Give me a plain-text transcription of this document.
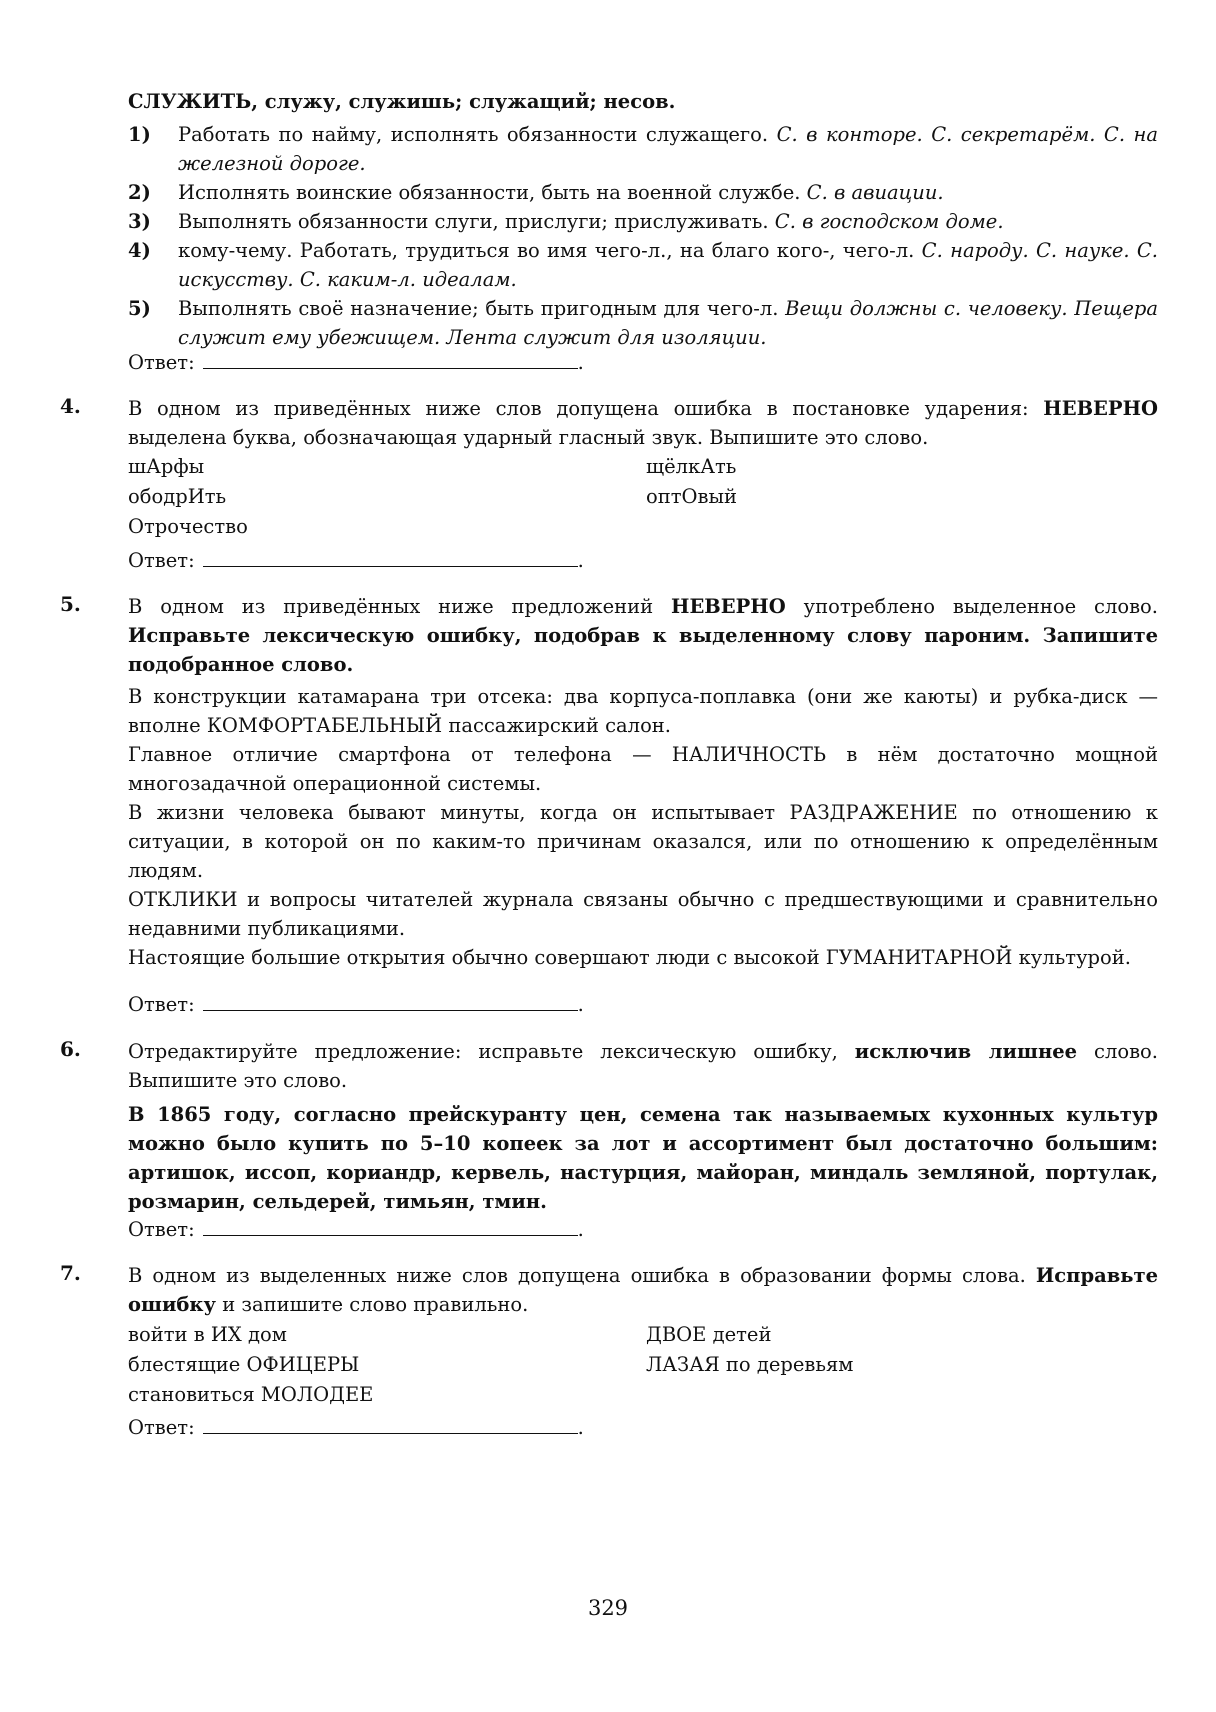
СЛУЖИТЬ, служу, служишь; служащий; несов.
1) Работать по найму, исполнять обязанности служащего. С. в конторе. С. секретарём. С. на железной дороге.
2) Исполнять воинские обязанности, быть на военной службе. С. в авиации.
3) Выполнять обязанности слуги, прислуги; прислуживать. С. в господском доме.
4) кому-чему. Работать, трудиться во имя чего-л., на благо кого-, чего-л. С. народу. С. науке. С. искусству. С. каким-л. идеалам.
5) Выполнять своё назначение; быть пригодным для чего-л. Вещи должны с. человеку. Пещера служит ему убежищем. Лента служит для изоляции.
Ответ:	.
4. В одном из приведённых ниже слов допущена ошибка в постановке ударения: НЕВЕРНО выделена буква, обозначающая ударный гласный звук. Выпишите это слово.
шАрфы
ободрИть
Отрочество
щёлкАть
оптОвый
Ответ:	.
5. В одном из приведённых ниже предложений НЕВЕРНО употреблено выделенное слово. Исправьте лексическую ошибку, подобрав к выделенному слову пароним. Запишите подобранное слово.
В конструкции катамарана три отсека: два корпуса-поплавка (они же каюты) и рубка-диск — вполне КОМФОРТАБЕЛЬНЫЙ пассажирский салон.
Главное отличие смартфона от телефона — НАЛИЧНОСТЬ в нём достаточно мощной многозадачной операционной системы.
В жизни человека бывают минуты, когда он испытывает РАЗДРАЖЕНИЕ по отношению к ситуации, в которой он по каким-то причинам оказался, или по отношению к определённым людям.
ОТКЛИКИ и вопросы читателей журнала связаны обычно с предшествующими и сравнительно недавними публикациями.
Настоящие большие открытия обычно совершают люди с высокой ГУМАНИТАРНОЙ культурой.
Ответ:	.
6. Отредактируйте предложение: исправьте лексическую ошибку, исключив лишнее слово. Выпишите это слово.
В 1865 году, согласно прейскуранту цен, семена так называемых кухонных культур можно было купить по 5–10 копеек за лот и ассортимент был достаточно большим: артишок, иссоп, кориандр, кервель, настурция, майоран, миндаль земляной, портулак, розмарин, сельдерей, тимьян, тмин.
Ответ:	.
7. В одном из выделенных ниже слов допущена ошибка в образовании формы слова. Исправьте ошибку и запишите слово правильно.
войти в ИХ дом
блестящие ОФИЦЕРЫ
становиться МОЛОДЕЕ
ДВОЕ детей
ЛАЗАЯ по деревьям
Ответ:	.
329
